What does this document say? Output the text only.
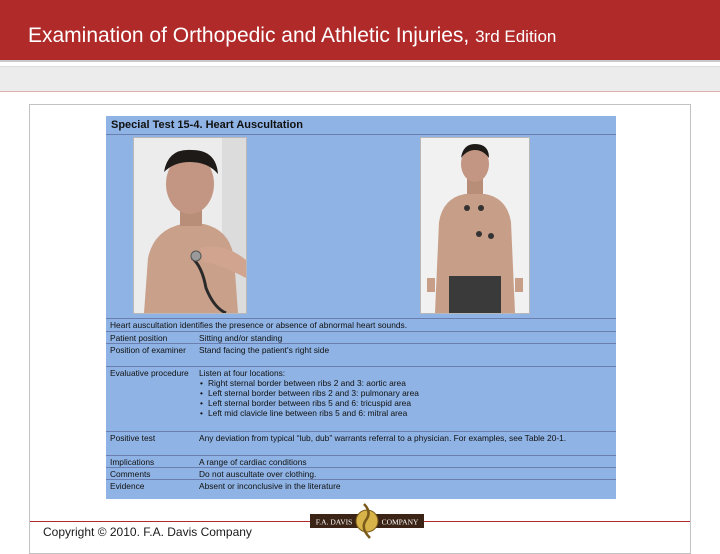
Examination of Orthopedic and Athletic Injuries, 3rd Edition
Special Test 15-4. Heart Auscultation
Heart auscultation identifies the presence or absence of abnormal heart sounds.
Patient position	Sitting and/or standing
Position of examiner	Stand facing the patient's right side
Evaluative procedure	Listen at four locations:
• Right sternal border between ribs 2 and 3: aortic area
• Left sternal border between ribs 2 and 3: pulmonary area
• Left sternal border between ribs 5 and 6: tricuspid area
• Left mid clavicle line between ribs 5 and 6: mitral area
Positive test	Any deviation from typical “lub, dub” warrants referral to a physician. For examples, see Table 20-1.
Implications	A range of cardiac conditions
Comments	Do not auscultate over clothing.
Evidence	Absent or inconclusive in the literature
Copyright © 2010. F.A. Davis Company
F.A. DAVIS	COMPANY
